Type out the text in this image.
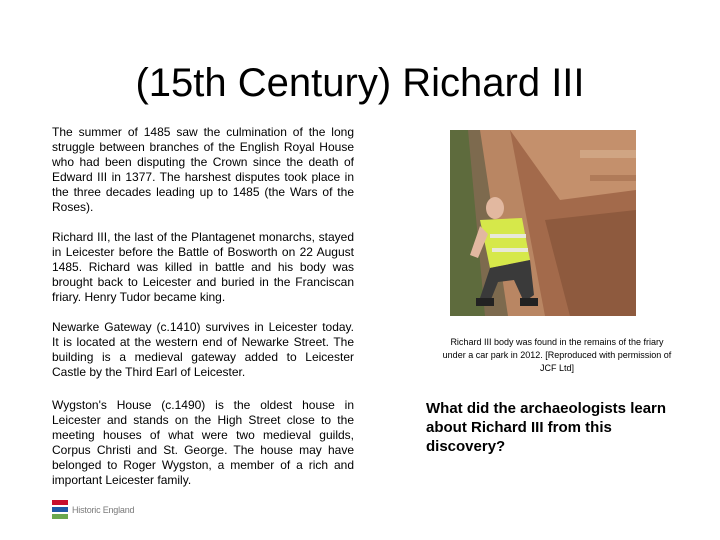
(15th Century) Richard III

The summer of 1485 saw the culmination of the long struggle between branches of the English Royal House who had been disputing the Crown since the death of Edward III in 1377. The harshest disputes took place in the three decades leading up to 1485 (the Wars of the Roses).

Richard III, the last of the Plantagenet monarchs, stayed in Leicester before the Battle of Bosworth on 22 August 1485. Richard was killed in battle and his body was brought back to Leicester and buried in the Franciscan friary. Henry Tudor became king.

Newarke Gateway (c.1410) survives in Leicester today. It is located at the western end of Newarke Street. The building is a medieval gateway added to Leicester Castle by the Third Earl of Leicester.

Wygston's House (c.1490) is the oldest house in Leicester and stands on the High Street close to the meeting houses of what were two medieval guilds, Corpus Christi and St. George. The house may have belonged to Roger Wygston, a member of a rich and important Leicester family.

Richard III body was found in the remains of the friary under a car park in 2012. [Reproduced with permission of JCF Ltd]

What did the archaeologists learn about Richard III from this discovery?

Historic England
